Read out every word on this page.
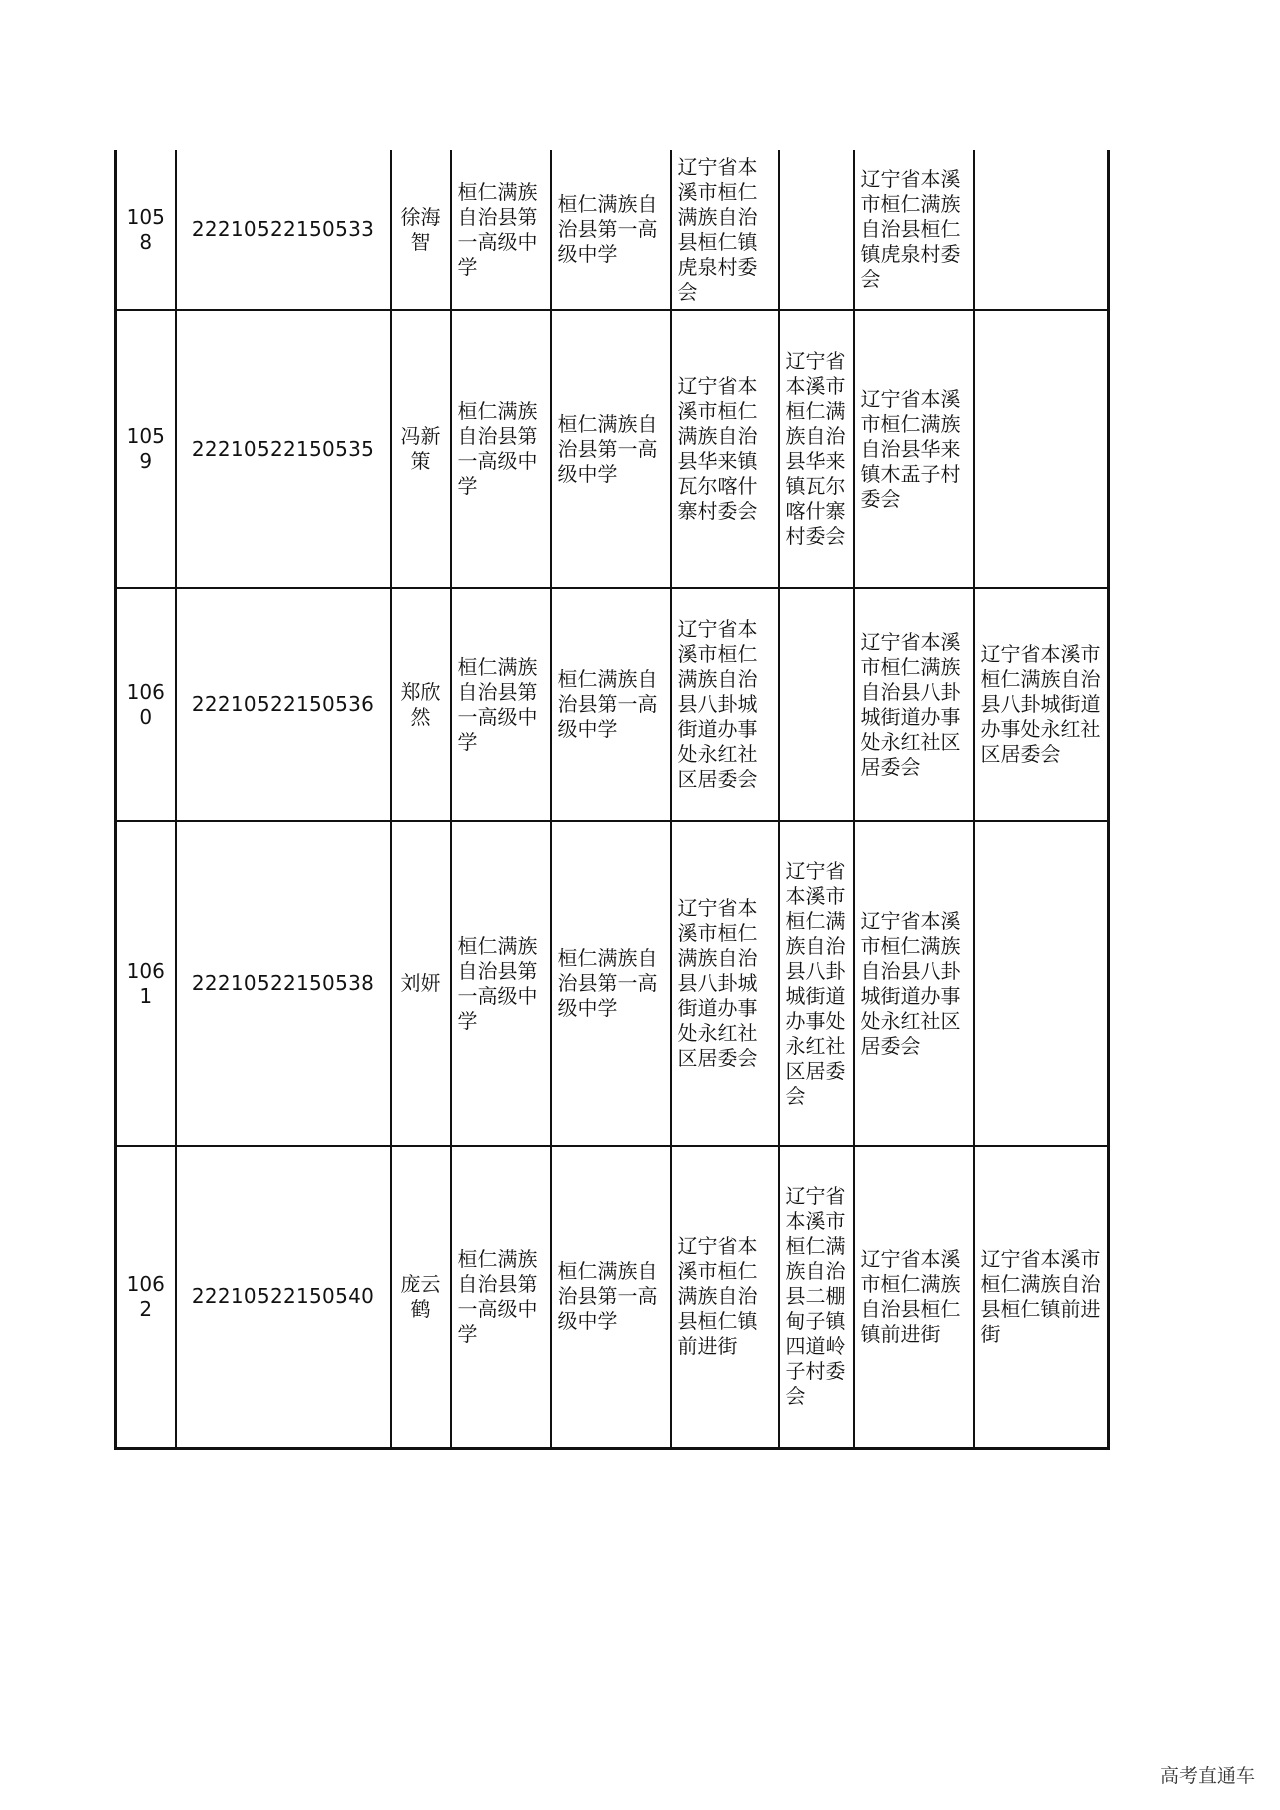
1058	22210522150533	徐海智	桓仁满族自治县第一高级中学	桓仁满族自治县第一高级中学	辽宁省本溪市桓仁满族自治县桓仁镇虎泉村委会		辽宁省本溪市桓仁满族自治县桓仁镇虎泉村委会	
1059	22210522150535	冯新策	桓仁满族自治县第一高级中学	桓仁满族自治县第一高级中学	辽宁省本溪市桓仁满族自治县华来镇瓦尔喀什寨村委会	辽宁省本溪市桓仁满族自治县华来镇瓦尔喀什寨村委会	辽宁省本溪市桓仁满族自治县华来镇木盂子村委会	
1060	22210522150536	郑欣然	桓仁满族自治县第一高级中学	桓仁满族自治县第一高级中学	辽宁省本溪市桓仁满族自治县八卦城街道办事处永红社区居委会		辽宁省本溪市桓仁满族自治县八卦城街道办事处永红社区居委会	辽宁省本溪市桓仁满族自治县八卦城街道办事处永红社区居委会
1061	22210522150538	刘妍	桓仁满族自治县第一高级中学	桓仁满族自治县第一高级中学	辽宁省本溪市桓仁满族自治县八卦城街道办事处永红社区居委会	辽宁省本溪市桓仁满族自治县八卦城街道办事处永红社区居委会	辽宁省本溪市桓仁满族自治县八卦城街道办事处永红社区居委会	
1062	22210522150540	庞云鹤	桓仁满族自治县第一高级中学	桓仁满族自治县第一高级中学	辽宁省本溪市桓仁满族自治县桓仁镇前进街	辽宁省本溪市桓仁满族自治县二棚甸子镇四道岭子村委会	辽宁省本溪市桓仁满族自治县桓仁镇前进街	辽宁省本溪市桓仁满族自治县桓仁镇前进街
高考直通车
